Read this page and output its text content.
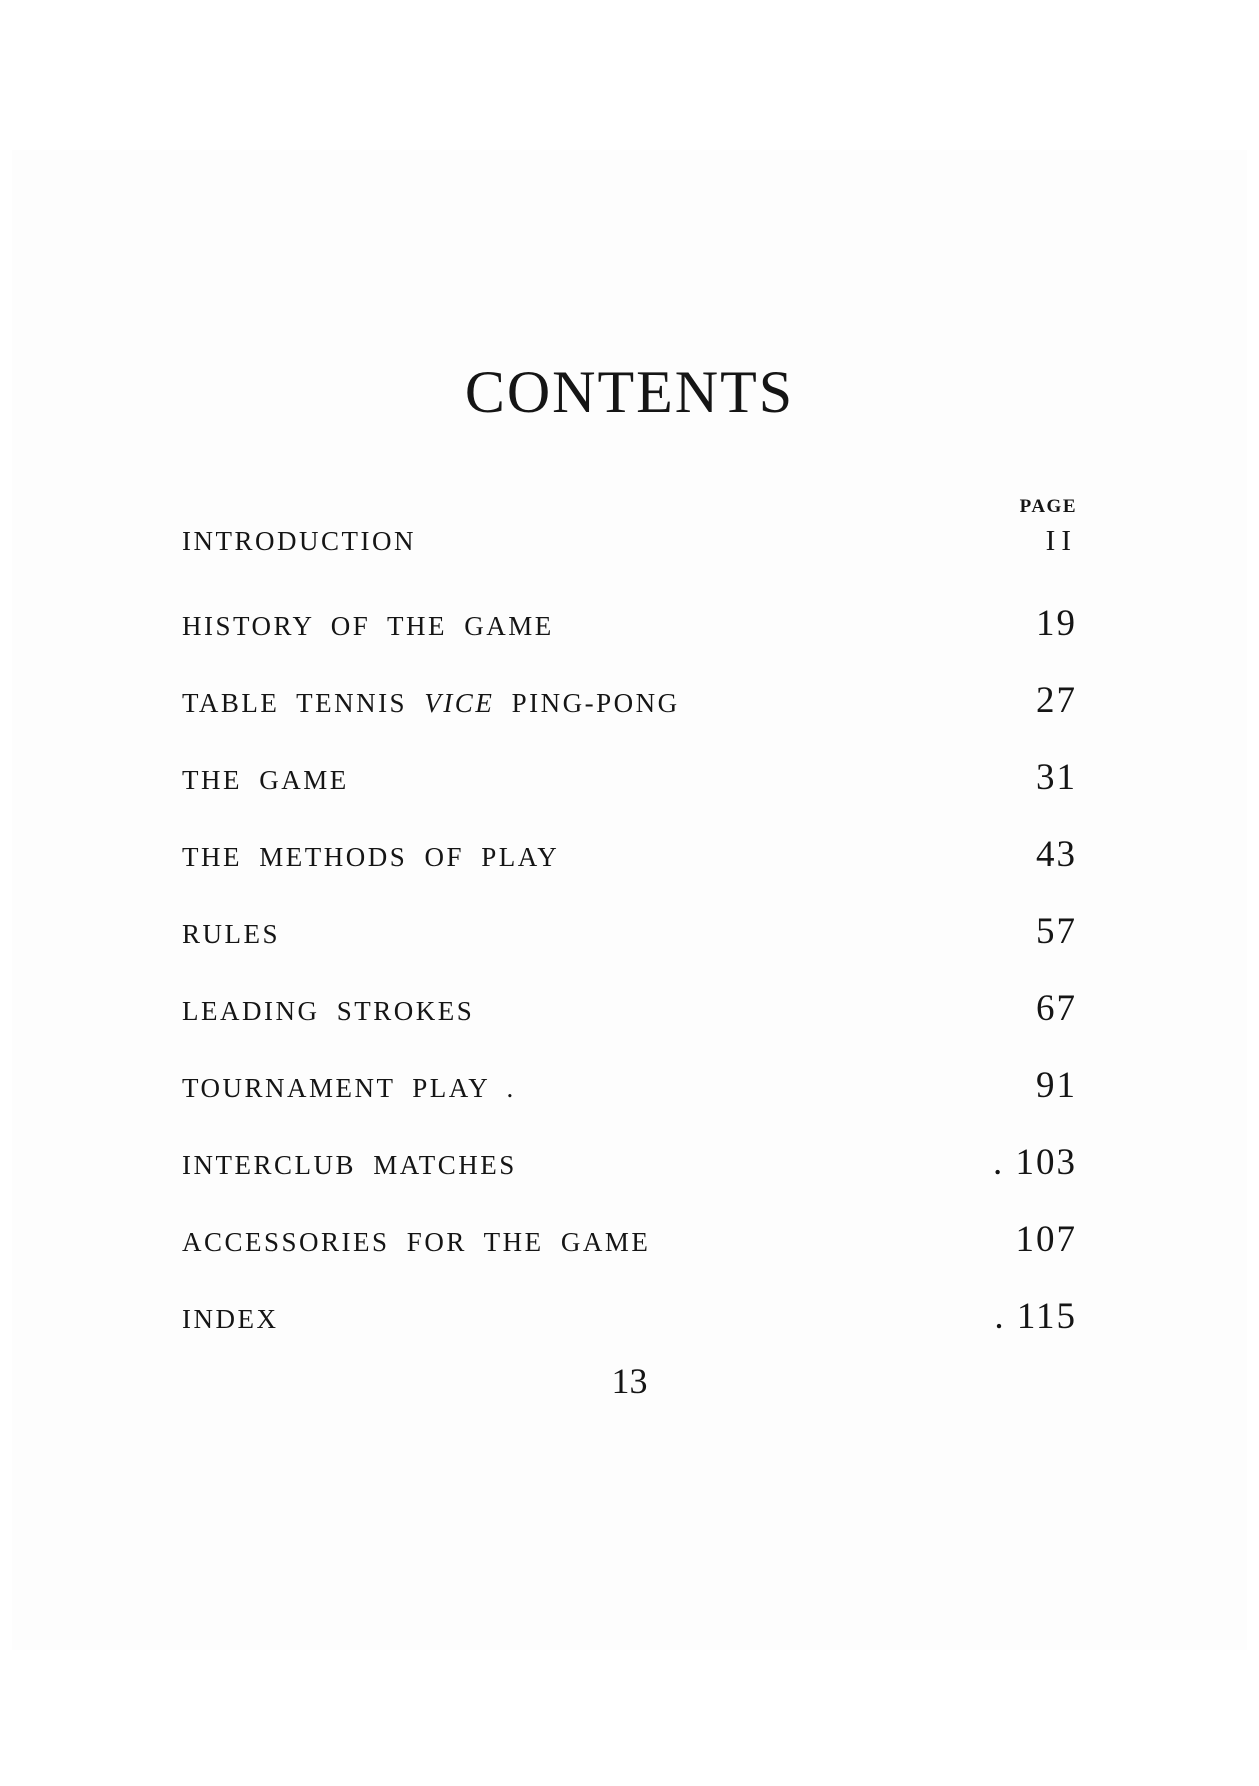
CONTENTS
PAGE
INTRODUCTION	II
HISTORY OF THE GAME	19
TABLE TENNIS VICE PING-PONG	27
THE GAME	31
THE METHODS OF PLAY	43
RULES	57
LEADING STROKES	67
TOURNAMENT PLAY .	91
INTERCLUB MATCHES	. 103
ACCESSORIES FOR THE GAME	107
INDEX	. 115
13
